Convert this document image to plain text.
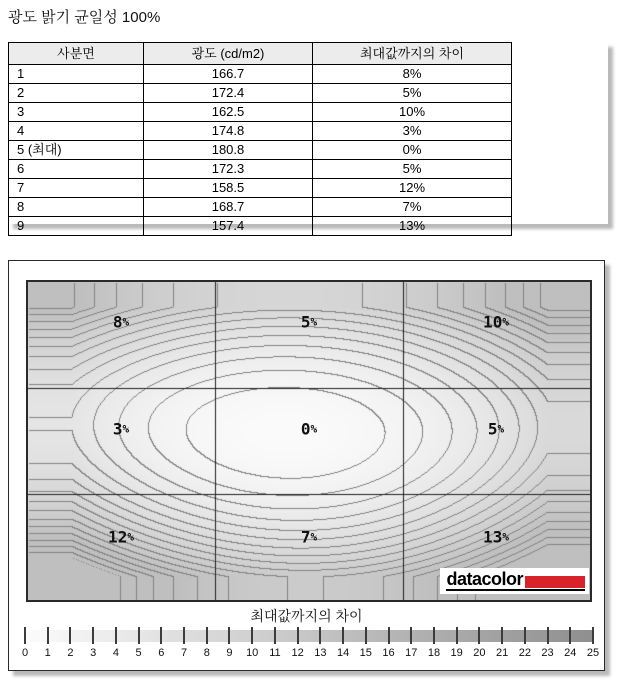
광도 밝기 균일성 100%
사분면	광도 (cd/m2)	최대값까지의 차이
1	166.7	8%
2	172.4	5%
3	162.5	10%
4	174.8	3%
5 (최대)	180.8	0%
6	172.3	5%
7	158.5	12%
8	168.7	7%
9	157.4	13%
8%	5%	10%
3%	0%	5%
12%	7%	13%
datacolor
최대값까지의 차이
0 1 2 3 4 5 6 7 8 9 10 11 12 13 14 15 16 17 18 19 20 21 22 23 24 25
